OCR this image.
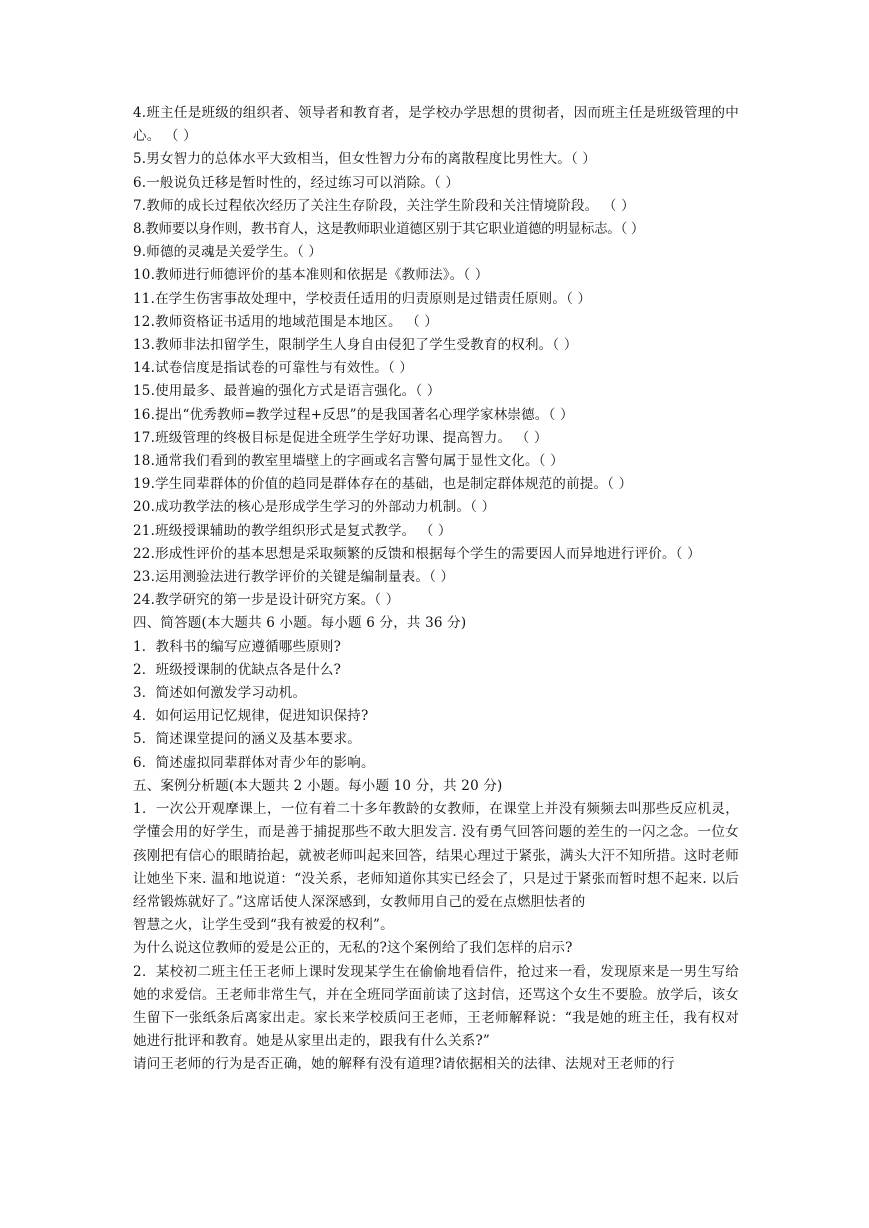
4.班主任是班级的组织者、领导者和教育者，是学校办学思想的贯彻者，因而班主任是班级管理的中心。 （ ）
5.男女智力的总体水平大致相当，但女性智力分布的离散程度比男性大。（ ）
6.一般说负迁移是暂时性的，经过练习可以消除。（ ）
7.教师的成长过程依次经历了关注生存阶段，关注学生阶段和关注情境阶段。 （ ）
8.教师要以身作则，教书育人，这是教师职业道德区别于其它职业道德的明显标志。（ ）
9.师德的灵魂是关爱学生。（ ）
10.教师进行师德评价的基本准则和依据是《教师法》。（ ）
11.在学生伤害事故处理中，学校责任适用的归责原则是过错责任原则。（ ）
12.教师资格证书适用的地域范围是本地区。 （ ）
13.教师非法扣留学生，限制学生人身自由侵犯了学生受教育的权利。（ ）
14.试卷信度是指试卷的可靠性与有效性。（ ）
15.使用最多、最普遍的强化方式是语言强化。（ ）
16.提出“优秀教师=教学过程+反思”的是我国著名心理学家林崇德。（ ）
17.班级管理的终极目标是促进全班学生学好功课、提高智力。 （ ）
18.通常我们看到的教室里墙壁上的字画或名言警句属于显性文化。（ ）
19.学生同辈群体的价值的趋同是群体存在的基础，也是制定群体规范的前提。（ ）
20.成功教学法的核心是形成学生学习的外部动力机制。（ ）
21.班级授课辅助的教学组织形式是复式教学。 （ ）
22.形成性评价的基本思想是采取频繁的反馈和根据每个学生的需要因人而异地进行评价。（ ）
23.运用测验法进行教学评价的关键是编制量表。（ ）
24.教学研究的第一步是设计研究方案。（ ）
四、简答题(本大题共 6 小题。每小题 6 分，共 36 分)
1．教科书的编写应遵循哪些原则?
2．班级授课制的优缺点各是什么?
3．简述如何激发学习动机。
4．如何运用记忆规律，促进知识保持?
5．简述课堂提问的涵义及基本要求。
6．简述虚拟同辈群体对青少年的影响。
五、案例分析题(本大题共 2 小题。每小题 10 分，共 20 分)
1．一次公开观摩课上，一位有着二十多年教龄的女教师，在课堂上并没有频频去叫那些反应机灵，学懂会用的好学生，而是善于捕捉那些不敢大胆发言. 没有勇气回答问题的差生的一闪之念。一位女孩刚把有信心的眼睛抬起，就被老师叫起来回答，结果心理过于紧张，满头大汗不知所措。这时老师让她坐下来. 温和地说道：“没关系，老师知道你其实已经会了，只是过于紧张而暂时想不起来. 以后经常锻炼就好了。”这席话使人深深感到，女教师用自己的爱在点燃胆怯者的
智慧之火，让学生受到“我有被爱的权利”。
为什么说这位教师的爱是公正的，无私的?这个案例给了我们怎样的启示?
2．某校初二班主任王老师上课时发现某学生在偷偷地看信件，抢过来一看，发现原来是一男生写给她的求爱信。王老师非常生气，并在全班同学面前读了这封信，还骂这个女生不要脸。放学后，该女生留下一张纸条后离家出走。家长来学校质问王老师，王老师解释说：“我是她的班主任，我有权对她进行批评和教育。她是从家里出走的，跟我有什么关系?”
请问王老师的行为是否正确，她的解释有没有道理?请依据相关的法律、法规对王老师的行
